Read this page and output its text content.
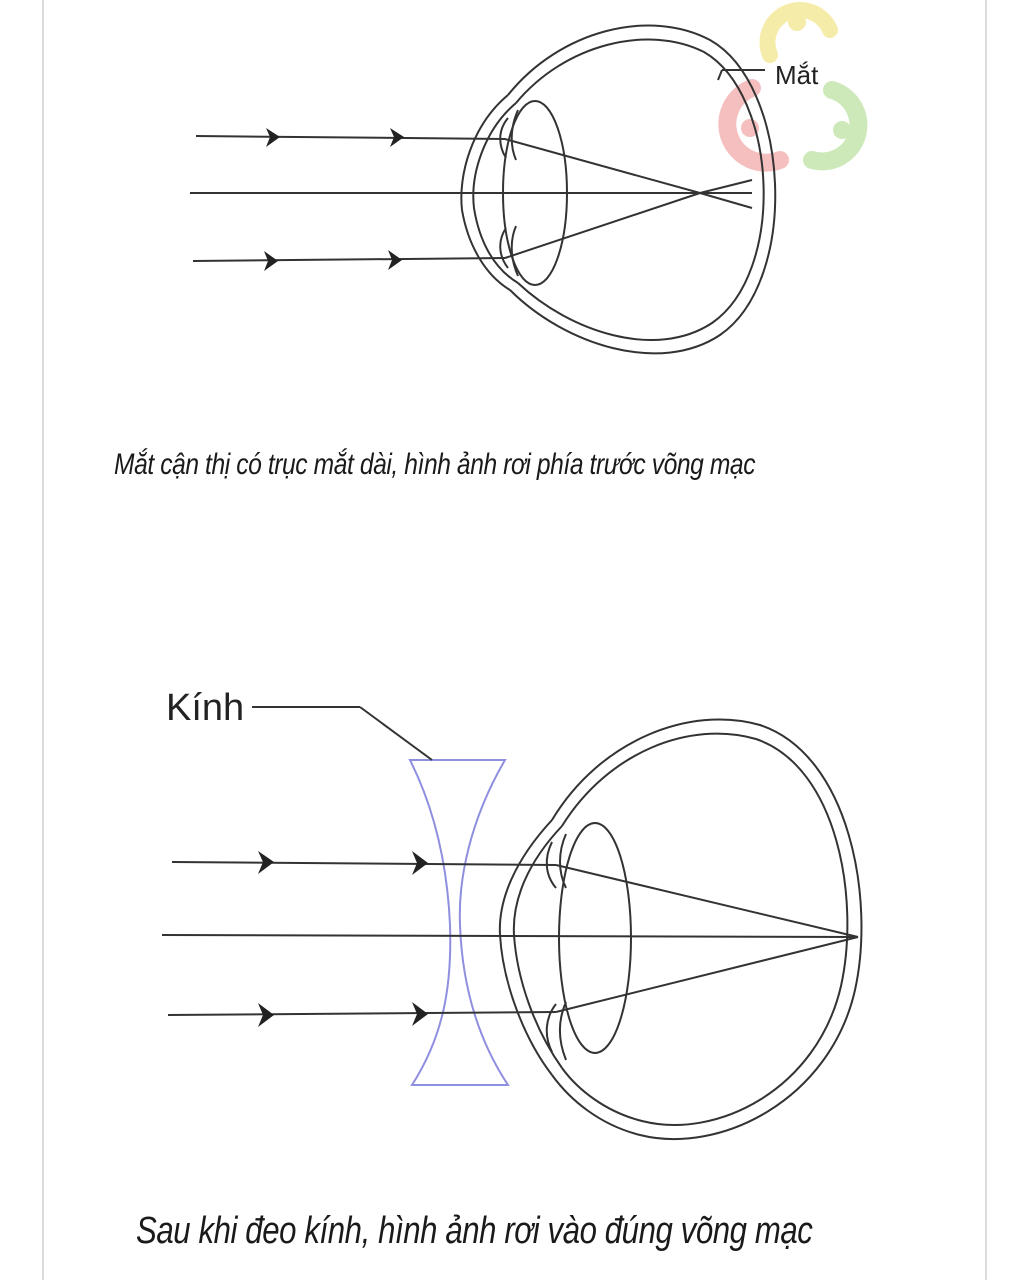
Mắt
Kính
Mắt cận thị có trục mắt dài, hình ảnh rơi phía trước võng mạc
Sau khi đeo kính, hình ảnh rơi vào đúng võng mạc
